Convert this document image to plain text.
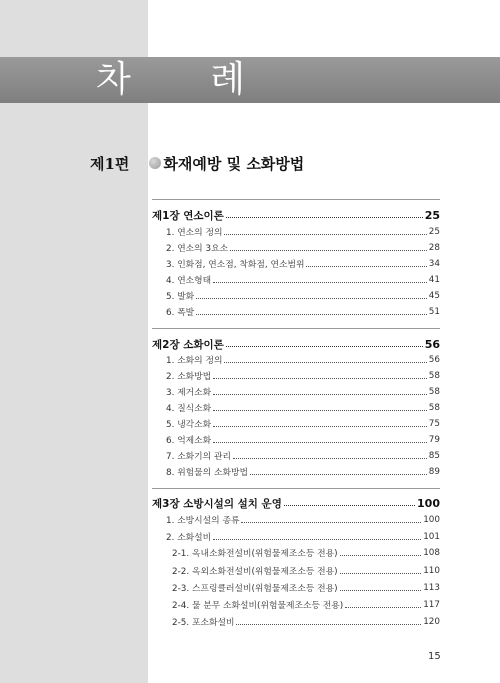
차 례
제1편 화재예방 및 소화방법
제1장 연소이론	25
1. 연소의 정의	25
2. 연소의 3요소	28
3. 인화점, 연소점, 착화점, 연소범위	34
4. 연소형태	41
5. 발화	45
6. 폭발	51
제2장 소화이론	56
1. 소화의 정의	56
2. 소화방법	58
3. 제거소화	58
4. 질식소화	58
5. 냉각소화	75
6. 억제소화	79
7. 소화기의 관리	85
8. 위험물의 소화방법	89
제3장 소방시설의 설치 운영	100
1. 소방시설의 종류	100
2. 소화설비	101
2-1. 옥내소화전설비(위험물제조소등 전용)	108
2-2. 옥외소화전설비(위험물제조소등 전용)	110
2-3. 스프링클러설비(위험물제조소등 전용)	113
2-4. 물 분무 소화설비(위험물제조소등 전용)	117
2-5. 포소화설비	120
15
